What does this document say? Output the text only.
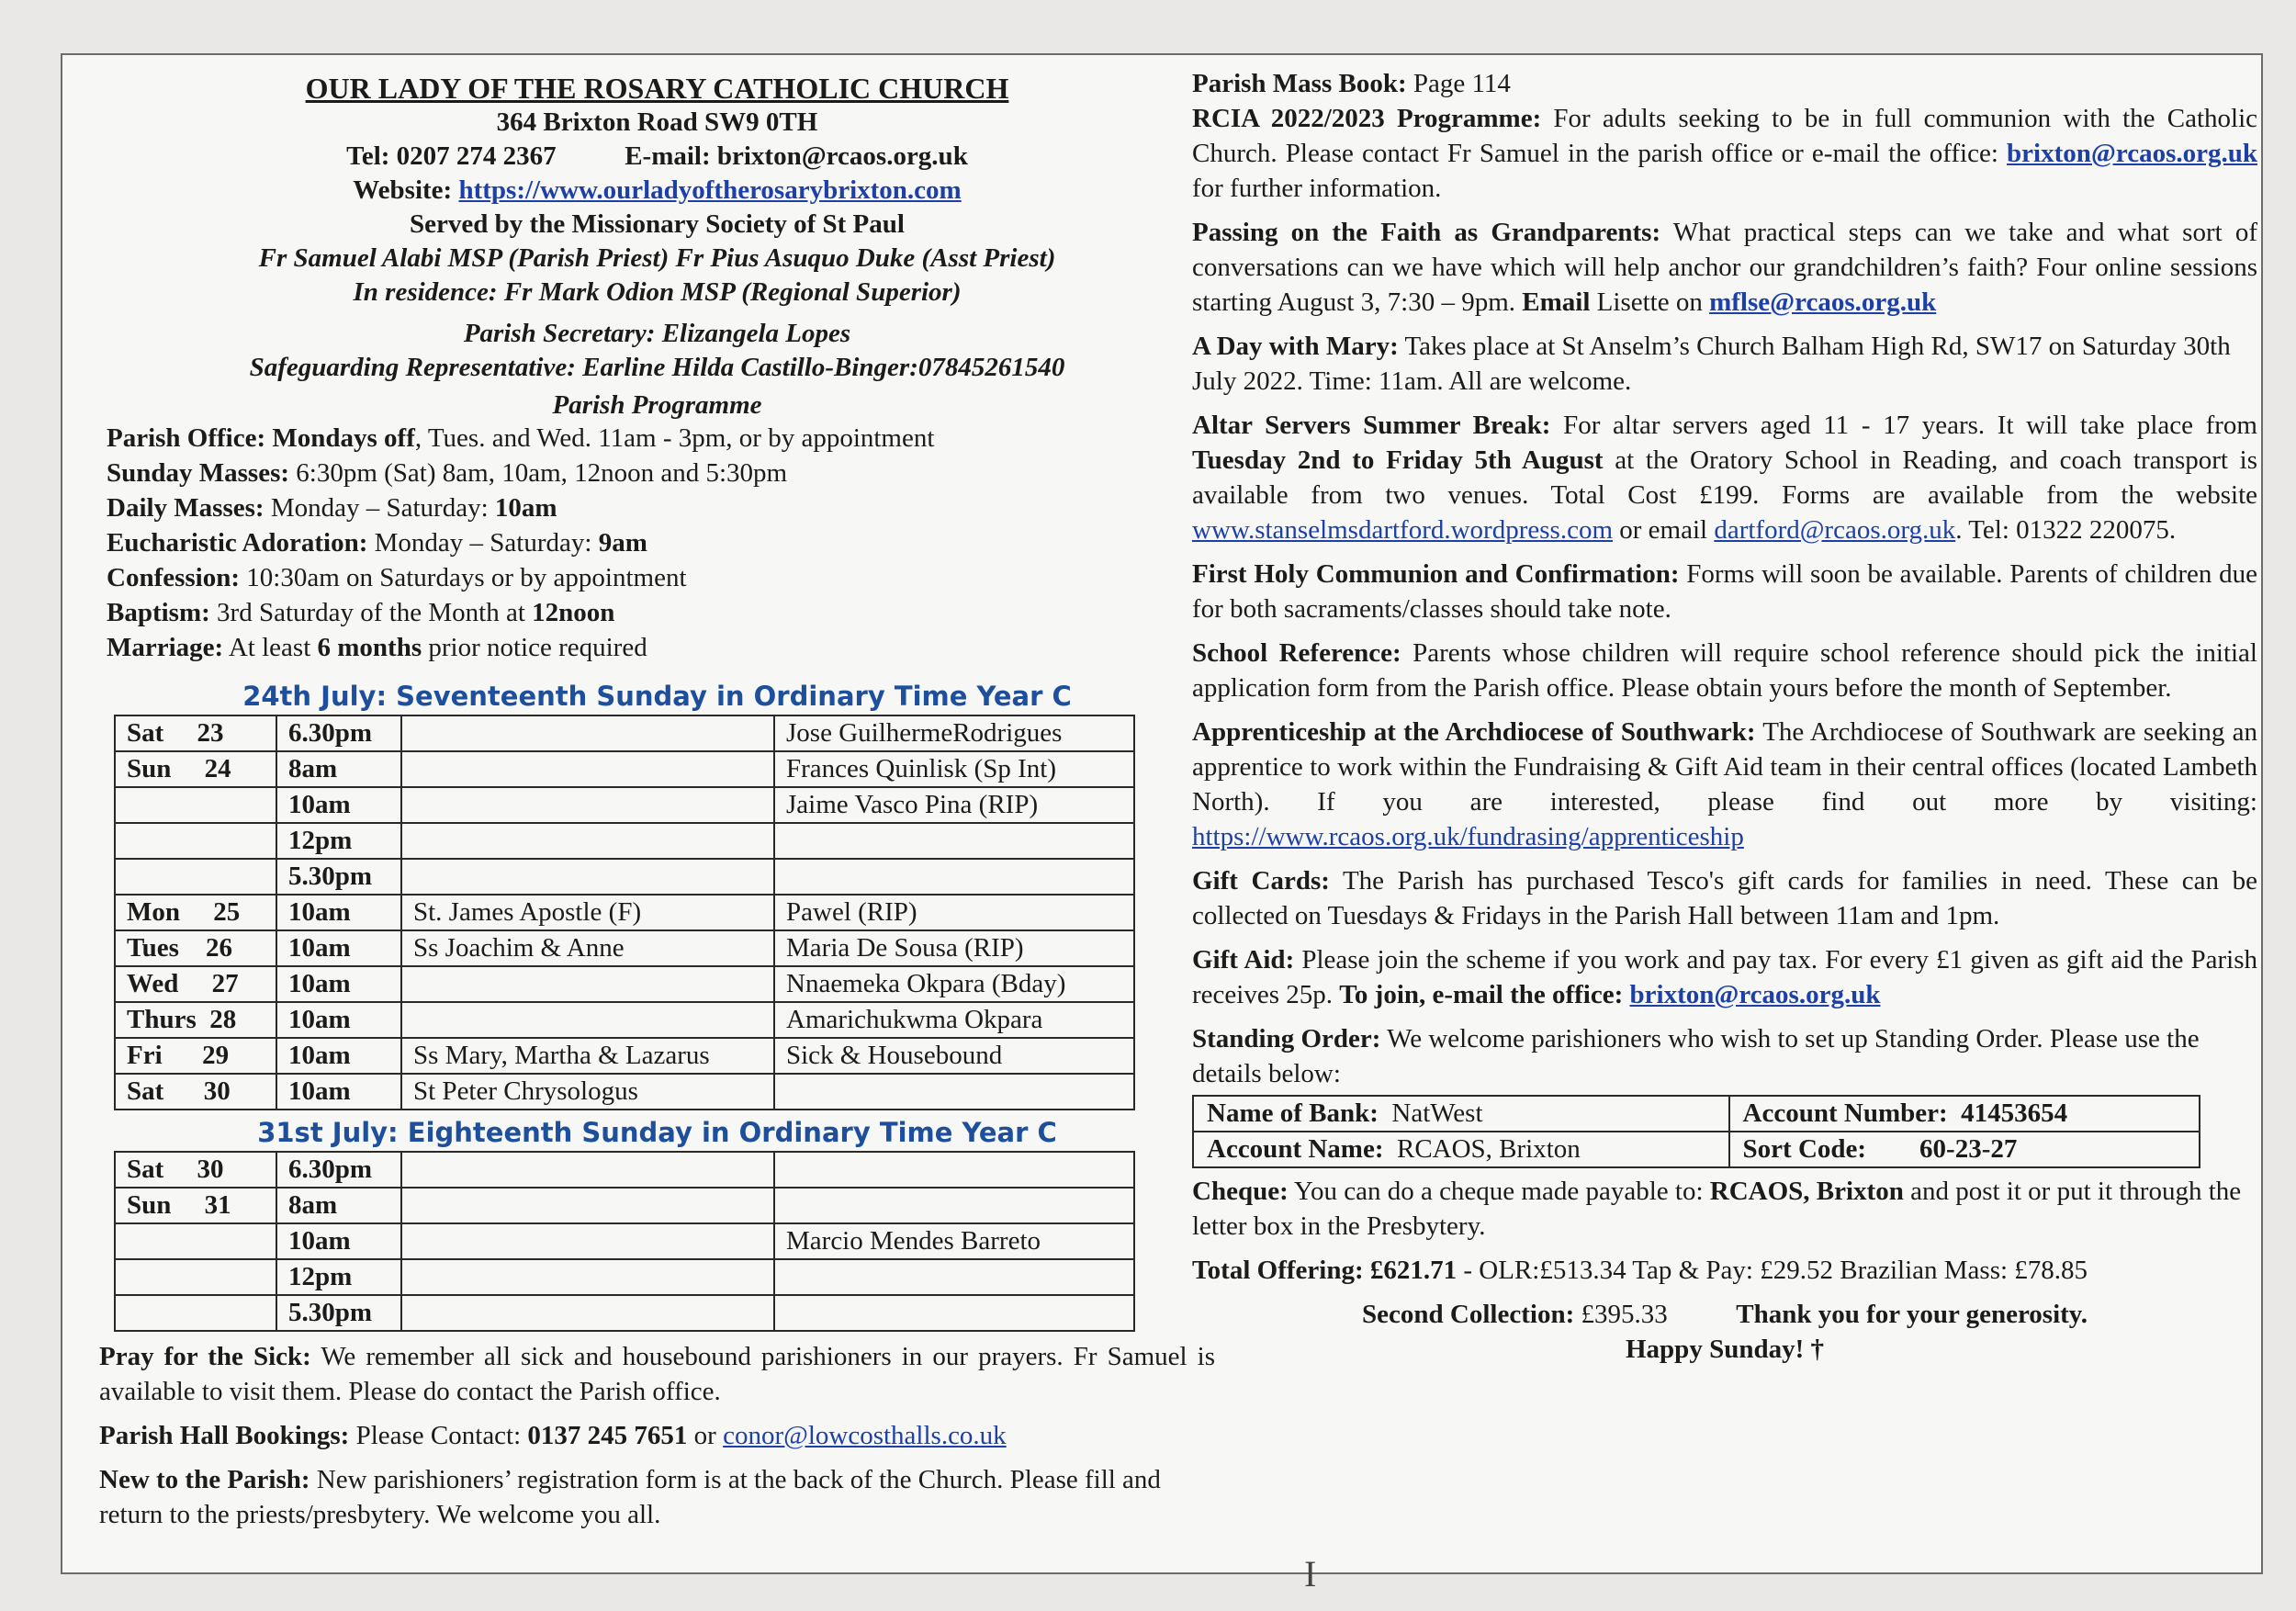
OUR LADY OF THE ROSARY CATHOLIC CHURCH
364 Brixton Road SW9 0TH
Tel: 0207 274 2367	E-mail: brixton@rcaos.org.uk
Website: https://www.ourladyoftherosarybrixton.com
Served by the Missionary Society of St Paul
Fr Samuel Alabi MSP (Parish Priest) Fr Pius Asuquo Duke (Asst Priest)
In residence: Fr Mark Odion MSP (Regional Superior)
Parish Secretary: Elizangela Lopes
Safeguarding Representative: Earline Hilda Castillo-Binger:07845261540
Parish Programme
Parish Office: Mondays off, Tues. and Wed. 11am - 3pm, or by appointment
Sunday Masses: 6:30pm (Sat) 8am, 10am, 12noon and 5:30pm
Daily Masses: Monday – Saturday: 10am
Eucharistic Adoration: Monday – Saturday: 9am
Confession: 10:30am on Saturdays or by appointment
Baptism: 3rd Saturday of the Month at 12noon
Marriage: At least 6 months prior notice required
24th July: Seventeenth Sunday in Ordinary Time Year C
Sat     23	6.30pm		Jose GuilhermeRodrigues
Sun     24	8am		Frances Quinlisk (Sp Int)
	10am		Jaime Vasco Pina (RIP)
	12pm		
	5.30pm		
Mon     25	10am	St. James Apostle (F)	Pawel (RIP)
Tues    26	10am	Ss Joachim & Anne	Maria De Sousa (RIP)
Wed     27	10am		Nnaemeka Okpara (Bday)
Thurs  28	10am		Amarichukwma Okpara
Fri      29	10am	Ss Mary, Martha & Lazarus	Sick & Housebound
Sat      30	10am	St Peter Chrysologus	
31st July: Eighteenth Sunday in Ordinary Time Year C
Sat     30	6.30pm		
Sun     31	8am		
	10am		Marcio Mendes Barreto
	12pm		
	5.30pm		
Pray for the Sick: We remember all sick and housebound parishioners in our prayers. Fr Samuel is available to visit them. Please do contact the Parish office.
Parish Hall Bookings: Please Contact: 0137 245 7651 or conor@lowcosthalls.co.uk
New to the Parish: New parishioners’ registration form is at the back of the Church. Please fill and return to the priests/presbytery. We welcome you all.
Parish Mass Book: Page 114
RCIA 2022/2023 Programme: For adults seeking to be in full communion with the Catholic Church. Please contact Fr Samuel in the parish office or e-mail the office: brixton@rcaos.org.uk for further information.
Passing on the Faith as Grandparents: What practical steps can we take and what sort of conversations can we have which will help anchor our grandchildren’s faith? Four online sessions starting August 3, 7:30 – 9pm. Email Lisette on mflse@rcaos.org.uk
A Day with Mary: Takes place at St Anselm’s Church Balham High Rd, SW17 on Saturday 30th July 2022. Time: 11am. All are welcome.
Altar Servers Summer Break: For altar servers aged 11 - 17 years. It will take place from Tuesday 2nd to Friday 5th August at the Oratory School in Reading, and coach transport is available from two venues. Total Cost £199. Forms are available from the website www.stanselmsdartford.wordpress.com or email dartford@rcaos.org.uk. Tel: 01322 220075.
First Holy Communion and Confirmation: Forms will soon be available. Parents of children due for both sacraments/classes should take note.
School Reference: Parents whose children will require school reference should pick the initial application form from the Parish office. Please obtain yours before the month of September.
Apprenticeship at the Archdiocese of Southwark: The Archdiocese of Southwark are seeking an apprentice to work within the Fundraising & Gift Aid team in their central offices (located Lambeth North). If you are interested, please find out more by visiting: https://www.rcaos.org.uk/fundrasing/apprenticeship
Gift Cards: The Parish has purchased Tesco's gift cards for families in need. These can be collected on Tuesdays & Fridays in the Parish Hall between 11am and 1pm.
Gift Aid: Please join the scheme if you work and pay tax. For every £1 given as gift aid the Parish receives 25p. To join, e-mail the office: brixton@rcaos.org.uk
Standing Order: We welcome parishioners who wish to set up Standing Order. Please use the details below:
Name of Bank: NatWest	Account Number: 41453654
Account Name: RCAOS, Brixton	Sort Code: 60-23-27
Cheque: You can do a cheque made payable to: RCAOS, Brixton and post it or put it through the letter box in the Presbytery.
Total Offering: £621.71 - OLR:£513.34 Tap & Pay: £29.52 Brazilian Mass: £78.85
Second Collection: £395.33	Thank you for your generosity.
Happy Sunday! †
I
